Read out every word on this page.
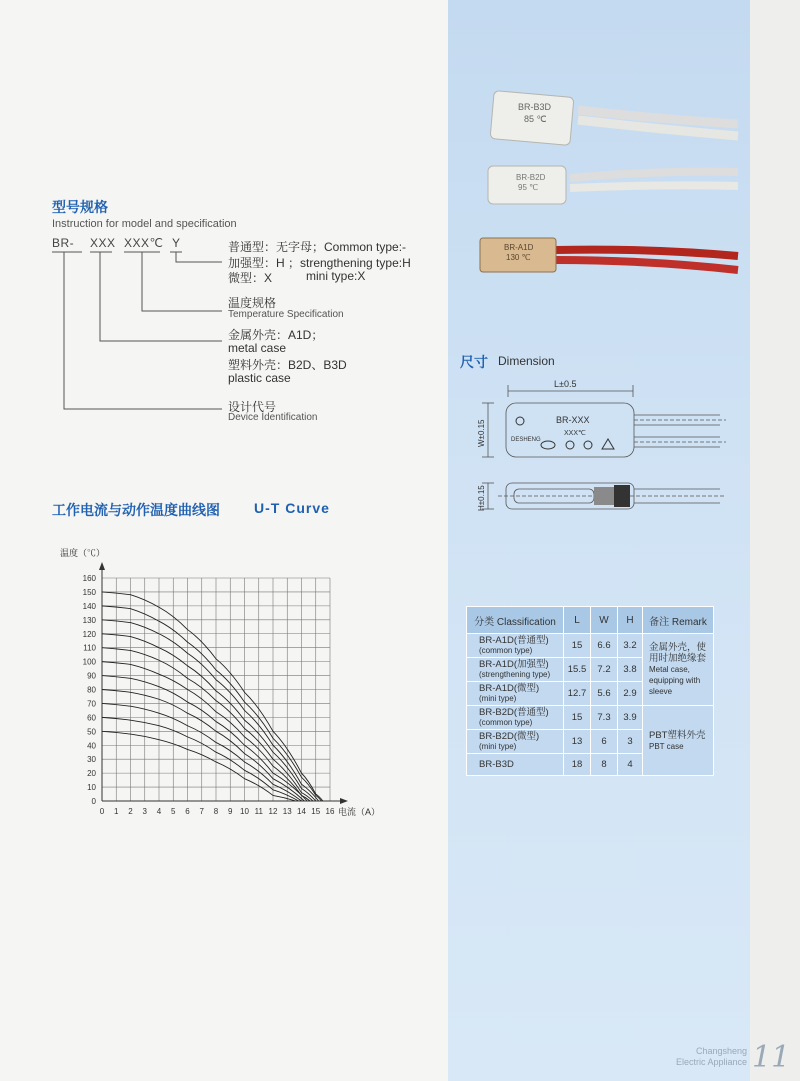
型号规格
Instruction for model and specification
BR- XXX XXX℃ Y	普通型：无字母；Common type:-
加强型：H ；strengthening type:H
微型：X	mini type:X
温度规格
Temperature Specification
金属外壳：A1D；
metal case
塑料外壳：B2D、B3D
plastic case
设计代号
Device Identification
工作电流与动作温度曲线图 U-T Curve
温度（℃）
电流（A）
0 1 2 3 4 5 6 7 8 9 10 11 12 13 14 15 16
0
10
20
30
40
50
60
70
80
90
100
110
120
130
140
150
160
BR-B3D
85 ℃
BR-B2D
95 ℃
BR-A1D
130 ℃
尺寸 Dimension
L±0.5
W±0.15
H±0.15
BR-XXX
XXX℃
DESHENG
分类 Classification	L	W	H	备注 Remark
BR-A1D(普通型)
(common type)	15	6.6	3.2	金属外壳，使用时加绝缘套
Metal case, equipping with sleeve
BR-A1D(加强型)
(strengthening type)	15.5	7.2	3.8	
BR-A1D(微型)
(mini type)	12.7	5.6	2.9	
BR-B2D(普通型)
(common type)	15	7.3	3.9	PBT塑料外壳
PBT case
BR-B2D(微型)
(mini type)	13	6	3	
BR-B3D	18	8	4	
Changsheng
Electric Appliance 11
